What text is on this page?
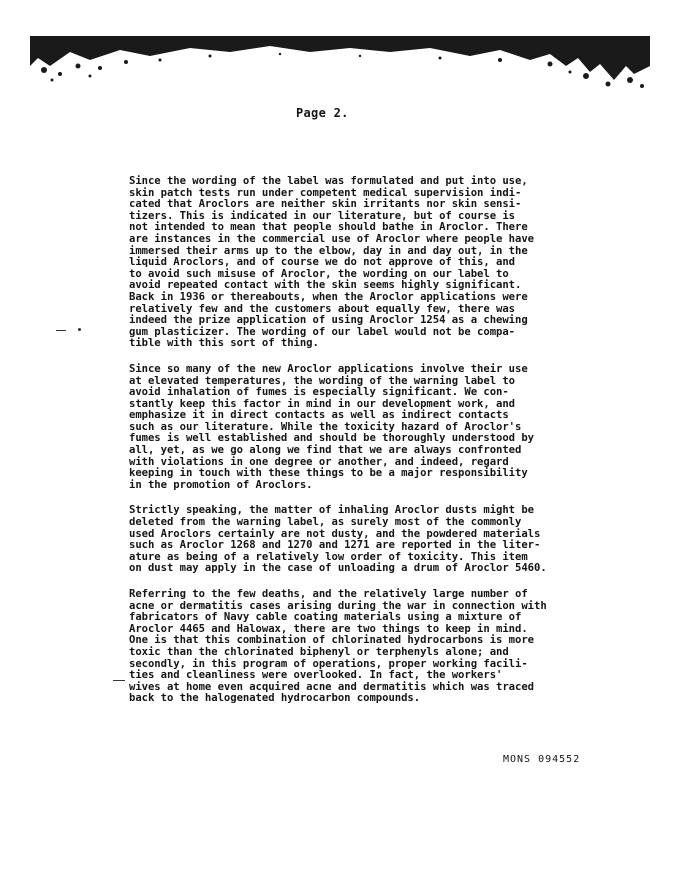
Page 2.

Since the wording of the label was formulated and put into use,
skin patch tests run under competent medical supervision indi-
cated that Aroclors are neither skin irritants nor skin sensi-
tizers. This is indicated in our literature, but of course is
not intended to mean that people should bathe in Aroclor. There
are instances in the commercial use of Aroclor where people have
immersed their arms up to the elbow, day in and day out, in the
liquid Aroclors, and of course we do not approve of this, and
to avoid such misuse of Aroclor, the wording on our label to
avoid repeated contact with the skin seems highly significant.
Back in 1936 or thereabouts, when the Aroclor applications were
relatively few and the customers about equally few, there was
indeed the prize application of using Aroclor 1254 as a chewing
gum plasticizer. The wording of our label would not be compa-
tible with this sort of thing.

Since so many of the new Aroclor applications involve their use
at elevated temperatures, the wording of the warning label to
avoid inhalation of fumes is especially significant. We con-
stantly keep this factor in mind in our development work, and
emphasize it in direct contacts as well as indirect contacts
such as our literature. While the toxicity hazard of Aroclor's
fumes is well established and should be thoroughly understood by
all, yet, as we go along we find that we are always confronted
with violations in one degree or another, and indeed, regard
keeping in touch with these things to be a major responsibility
in the promotion of Aroclors.

Strictly speaking, the matter of inhaling Aroclor dusts might be
deleted from the warning label, as surely most of the commonly
used Aroclors certainly are not dusty, and the powdered materials
such as Aroclor 1268 and 1270 and 1271 are reported in the liter-
ature as being of a relatively low order of toxicity. This item
on dust may apply in the case of unloading a drum of Aroclor 5460.

Referring to the few deaths, and the relatively large number of
acne or dermatitis cases arising during the war in connection with
fabricators of Navy cable coating materials using a mixture of
Aroclor 4465 and Halowax, there are two things to keep in mind.
One is that this combination of chlorinated hydrocarbons is more
toxic than the chlorinated biphenyl or terphenyls alone; and
secondly, in this program of operations, proper working facili-
ties and cleanliness were overlooked. In fact, the workers'
wives at home even acquired acne and dermatitis which was traced
back to the halogenated hydrocarbon compounds.

MONS 094552
